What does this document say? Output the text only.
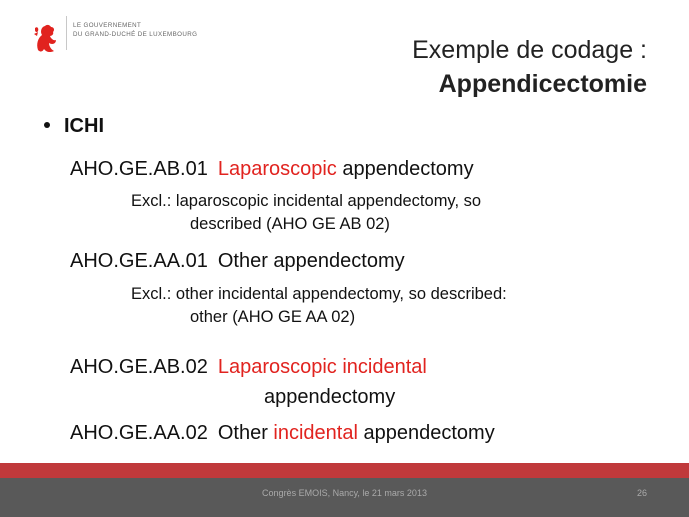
LE GOUVERNEMENT
DU GRAND-DUCHÉ DE LUXEMBOURG
Exemple de codage :
Appendicectomie
ICHI
AHO.GE.AB.01 Laparoscopic appendectomy
Excl.: laparoscopic incidental appendectomy, so
described (AHO GE AB 02)
AHO.GE.AA.01 Other appendectomy
Excl.: other incidental appendectomy, so described:
other (AHO GE AA 02)
AHO.GE.AB.02 Laparoscopic incidental
appendectomy
AHO.GE.AA.02 Other incidental appendectomy
Congrès EMOIS, Nancy, le 21 mars 2013	26
